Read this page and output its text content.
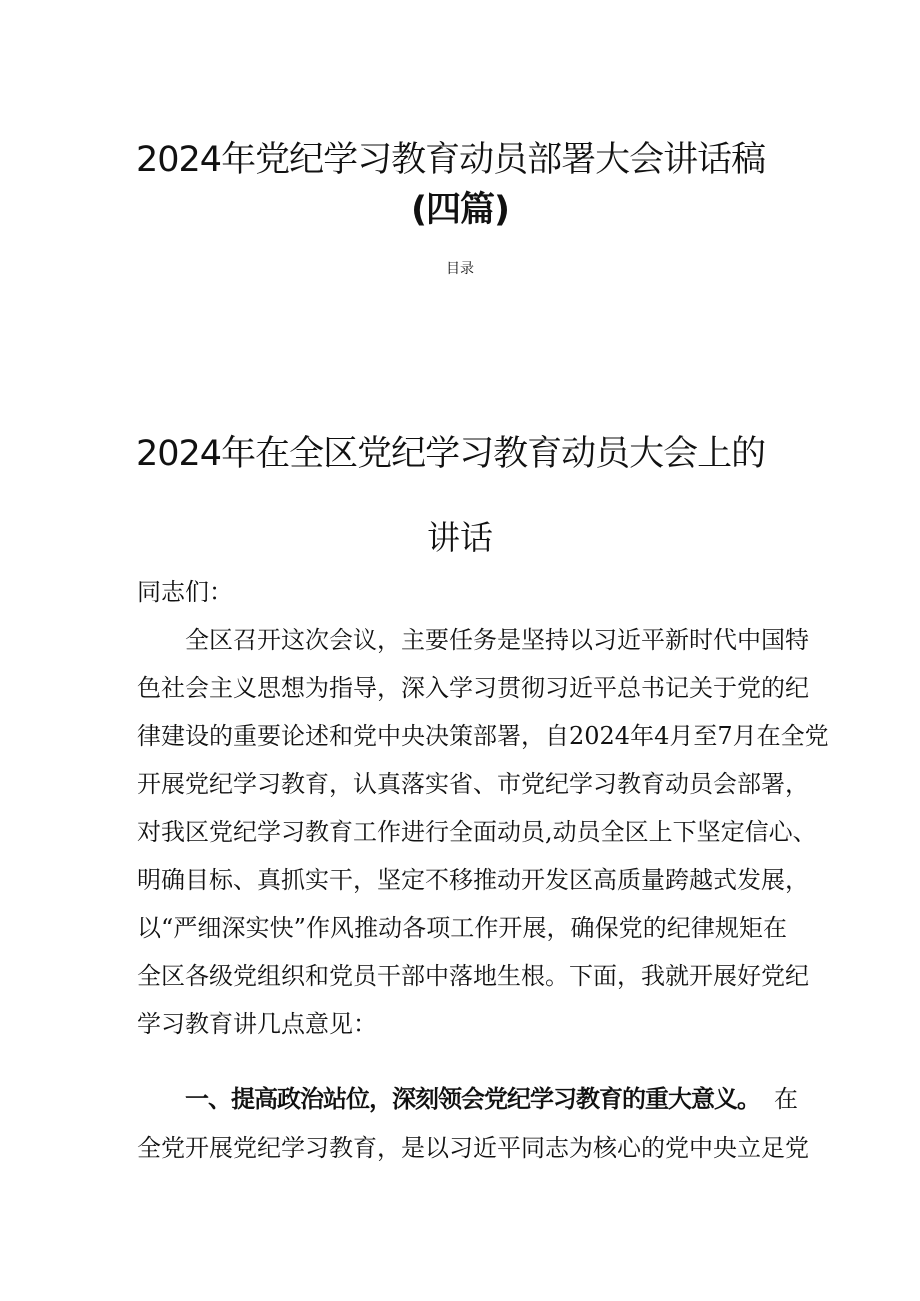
2024年党纪学习教育动员部署大会讲话稿
(四篇)
目录
2024年在全区党纪学习教育动员大会上的
讲话
同志们：
全区召开这次会议，主要任务是坚持以习近平新时代中国特
色社会主义思想为指导，深入学习贯彻习近平总书记关于党的纪
律建设的重要论述和党中央决策部署，自2024年4月至7月在全党
开展党纪学习教育，认真落实省、市党纪学习教育动员会部署，
对我区党纪学习教育工作进行全面动员,动员全区上下坚定信心、
明确目标、真抓实干，坚定不移推动开发区高质量跨越式发展，
以“严细深实快”作风推动各项工作开展，确保党的纪律规矩在
全区各级党组织和党员干部中落地生根。下面，我就开展好党纪
学习教育讲几点意见：
一、提高政治站位，深刻领会党纪学习教育的重大意义。 在
全党开展党纪学习教育，是以习近平同志为核心的党中央立足党
